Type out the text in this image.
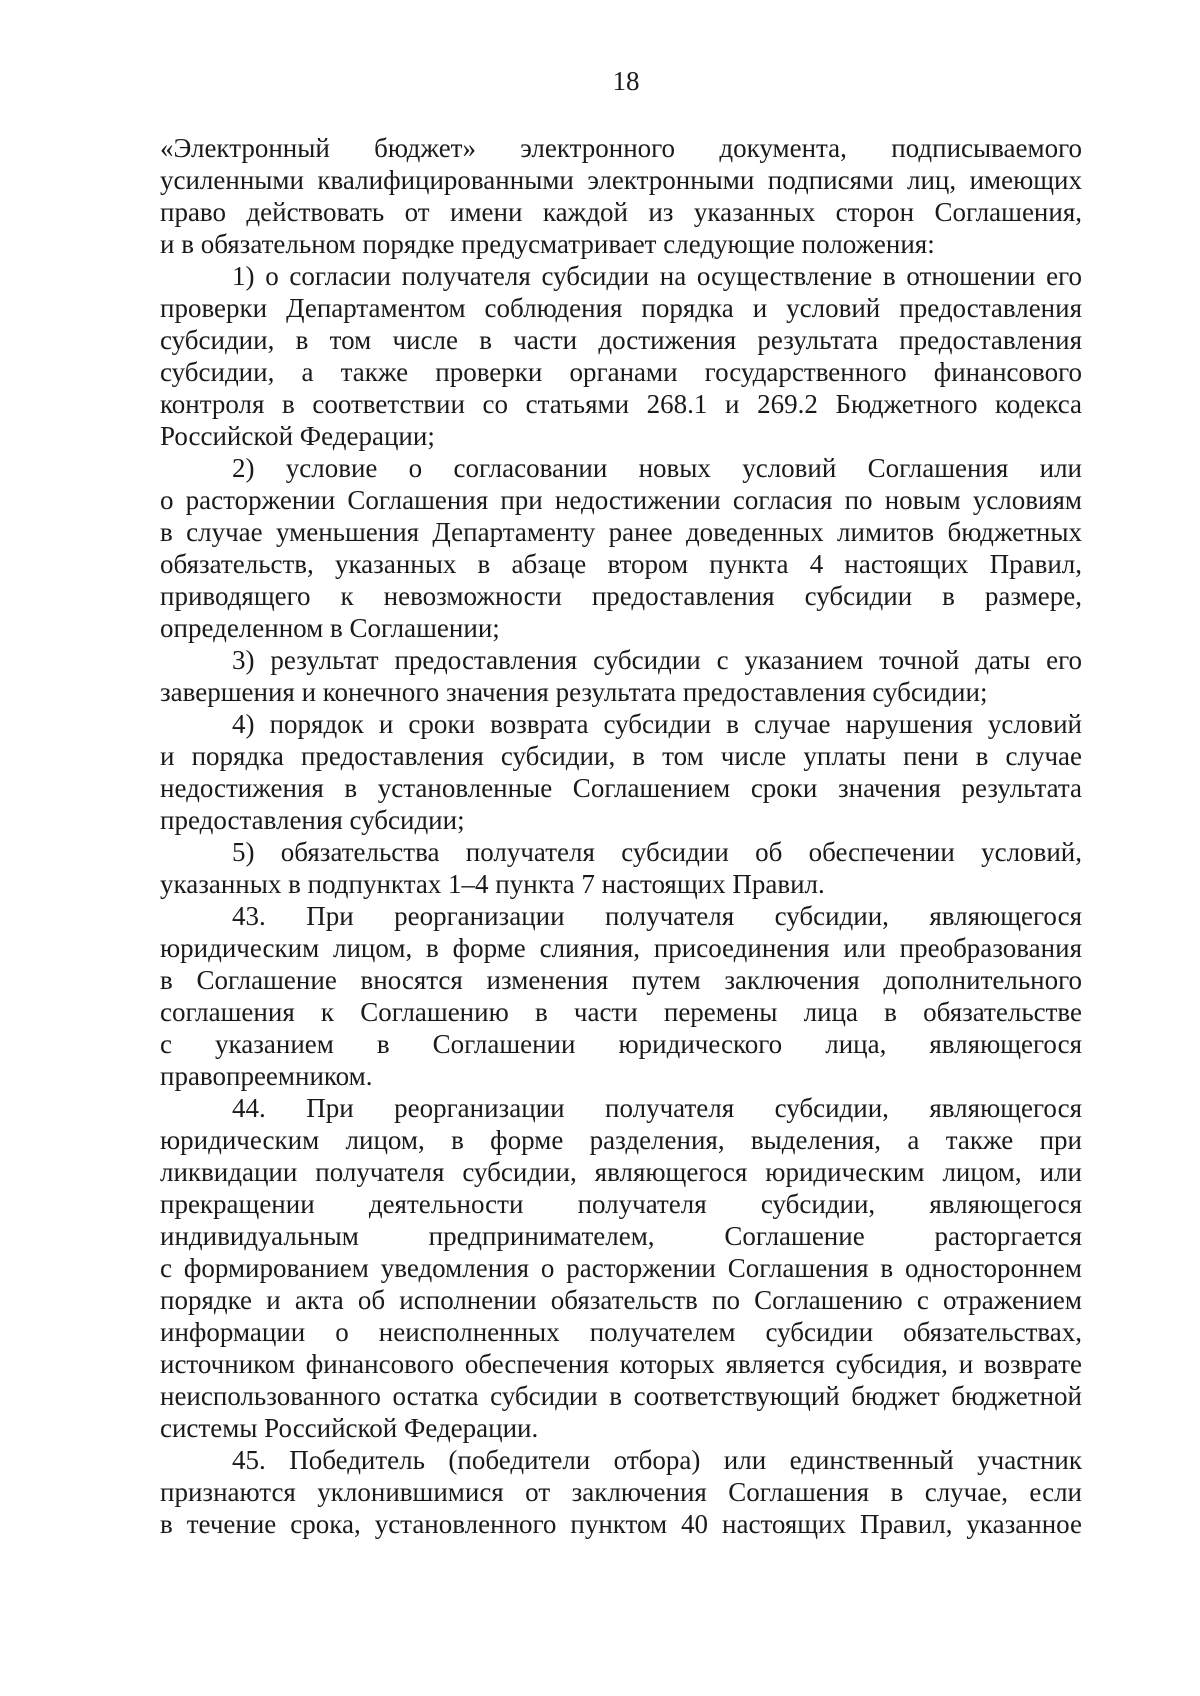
18
«Электронный бюджет» электронного документа, подписываемого
усиленными квалифицированными электронными подписями лиц, имеющих
право действовать от имени каждой из указанных сторон Соглашения,
и в обязательном порядке предусматривает следующие положения:
1) о согласии получателя субсидии на осуществление в отношении его
проверки Департаментом соблюдения порядка и условий предоставления
субсидии, в том числе в части достижения результата предоставления
субсидии, а также проверки органами государственного финансового
контроля в соответствии со статьями 268.1 и 269.2 Бюджетного кодекса
Российской Федерации;
2) условие о согласовании новых условий Соглашения или
о расторжении Соглашения при недостижении согласия по новым условиям
в случае уменьшения Департаменту ранее доведенных лимитов бюджетных
обязательств, указанных в абзаце втором пункта 4 настоящих Правил,
приводящего к невозможности предоставления субсидии в размере,
определенном в Соглашении;
3) результат предоставления субсидии с указанием точной даты его
завершения и конечного значения результата предоставления субсидии;
4) порядок и сроки возврата субсидии в случае нарушения условий
и порядка предоставления субсидии, в том числе уплаты пени в случае
недостижения в установленные Соглашением сроки значения результата
предоставления субсидии;
5) обязательства получателя субсидии об обеспечении условий,
указанных в подпунктах 1–4 пункта 7 настоящих Правил.
43. При реорганизации получателя субсидии, являющегося
юридическим лицом, в форме слияния, присоединения или преобразования
в Соглашение вносятся изменения путем заключения дополнительного
соглашения к Соглашению в части перемены лица в обязательстве
с указанием в Соглашении юридического лица, являющегося
правопреемником.
44. При реорганизации получателя субсидии, являющегося
юридическим лицом, в форме разделения, выделения, а также при
ликвидации получателя субсидии, являющегося юридическим лицом, или
прекращении деятельности получателя субсидии, являющегося
индивидуальным предпринимателем, Соглашение расторгается
с формированием уведомления о расторжении Соглашения в одностороннем
порядке и акта об исполнении обязательств по Соглашению с отражением
информации о неисполненных получателем субсидии обязательствах,
источником финансового обеспечения которых является субсидия, и возврате
неиспользованного остатка субсидии в соответствующий бюджет бюджетной
системы Российской Федерации.
45. Победитель (победители отбора) или единственный участник
признаются уклонившимися от заключения Соглашения в случае, если
в течение срока, установленного пунктом 40 настоящих Правил, указанное
